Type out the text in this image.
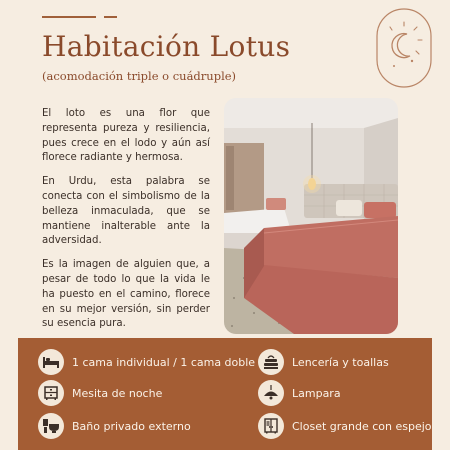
Habitación Lotus
(acomodación triple o cuádruple)

El loto es una flor que representa pureza y resiliencia, pues crece en el lodo y aún así florece radiante y hermosa.

En Urdu, esta palabra se conecta con el simbolismo de la belleza inmaculada, que se mantiene inalterable ante la adversidad.

Es la imagen de alguien que, a pesar de todo lo que la vida le ha puesto en el camino, florece en su mejor versión, sin perder su esencia pura.

1 cama individual / 1 cama doble	Lencería y toallas
Mesita de noche	Lampara
Baño privado externo	Closet grande con espejo
